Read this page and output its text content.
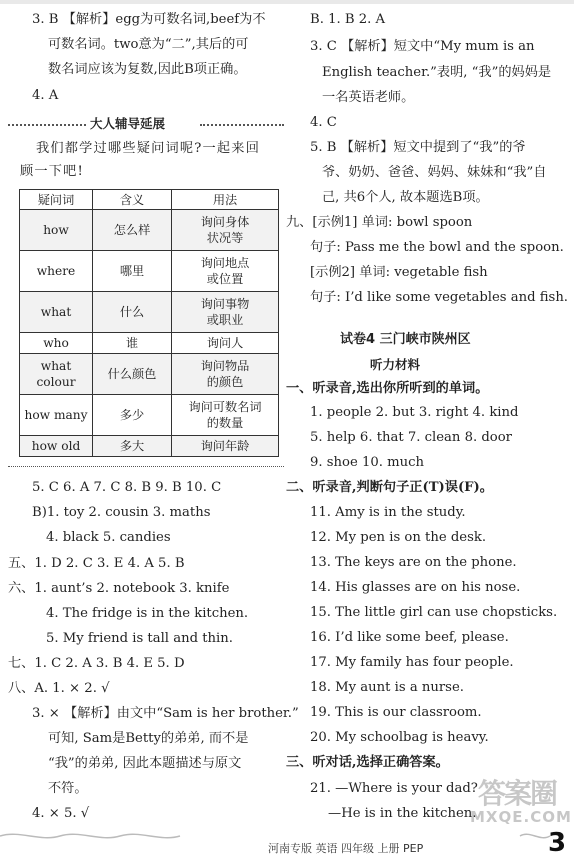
3. B 【解析】egg为可数名词,beef为不
可数名词。two意为“二”,其后的可
数名词应该为复数,因此B项正确。
4. A
大人辅导延展
我们都学过哪些疑问词呢?一起来回
顾一下吧!
疑问词	含义	用法
how	怎么样	询问身体
状况等
where	哪里	询问地点
或位置
what	什么	询问事物
或职业
who	谁	询问人
what
colour	什么颜色	询问物品
的颜色
how many	多少	询问可数名词
的数量
how old	多大	询问年龄
5. C 6. A 7. C 8. B 9. B 10. C
B)1. toy 2. cousin 3. maths
4. black 5. candies
五、1. D 2. C 3. E 4. A 5. B
六、1. aunt’s 2. notebook 3. knife
4. The fridge is in the kitchen.
5. My friend is tall and thin.
七、1. C 2. A 3. B 4. E 5. D
八、A. 1. × 2. √
3. × 【解析】由文中“Sam is her brother.”
可知, Sam是Betty的弟弟, 而不是
“我”的弟弟, 因此本题描述与原文
不符。
4. × 5. √
B. 1. B 2. A
3. C 【解析】短文中“My mum is an
English teacher.”表明, “我”的妈妈是
一名英语老师。
4. C
5. B 【解析】短文中提到了“我”的爷
爷、奶奶、爸爸、妈妈、妹妹和“我”自
己, 共6个人, 故本题选B项。
九、[示例1] 单词: bowl spoon
句子: Pass me the bowl and the spoon.
[示例2] 单词: vegetable fish
句子: I’d like some vegetables and fish.
试卷4 三门峡市陕州区
听力材料
一、听录音,选出你所听到的单词。
1. people 2. but 3. right 4. kind
5. help 6. that 7. clean 8. door
9. shoe 10. much
二、听录音,判断句子正(T)误(F)。
11. Amy is in the study.
12. My pen is on the desk.
13. The keys are on the phone.
14. His glasses are on his nose.
15. The little girl can use chopsticks.
16. I’d like some beef, please.
17. My family has four people.
18. My aunt is a nurse.
19. This is our classroom.
20. My schoolbag is heavy.
三、听对话,选择正确答案。
21. —Where is your dad?
—He is in the kitchen.
答案圈
MXQE.COM
河南专版 英语 四年级 上册 PEP	3
